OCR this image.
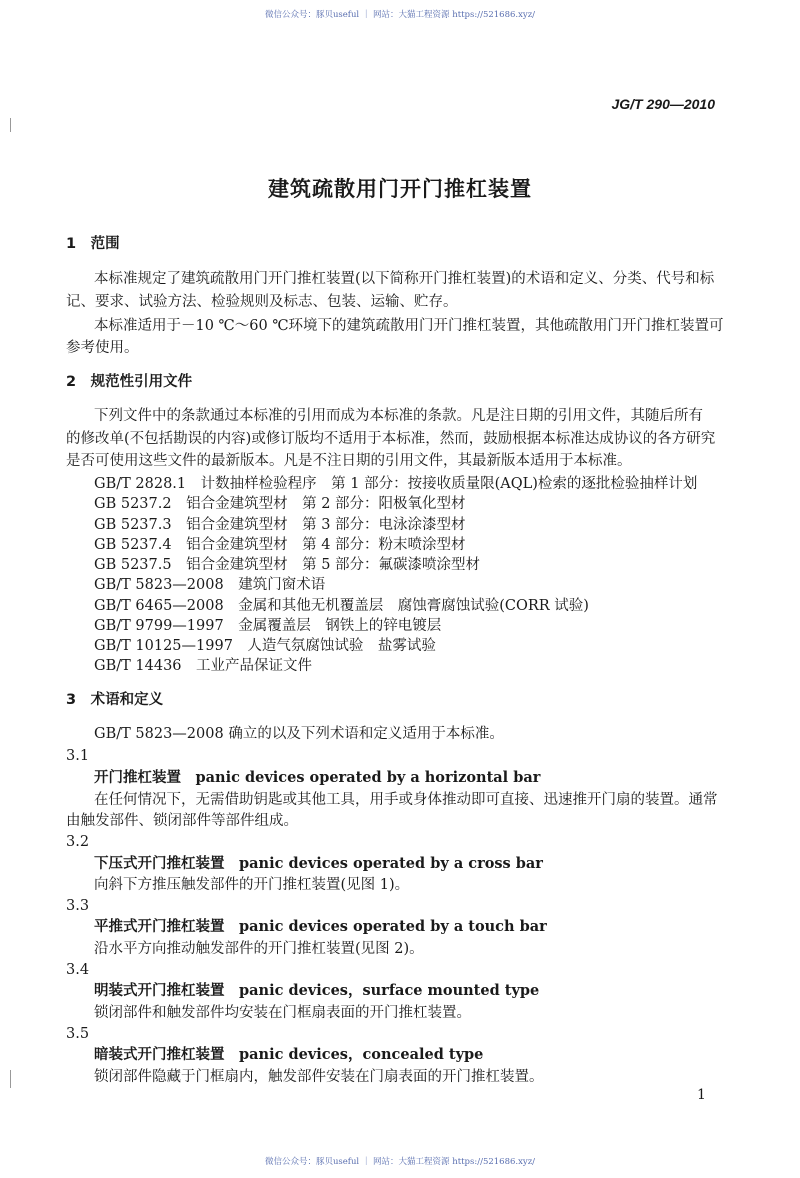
微信公众号：豚贝useful ｜ 网站：大猫工程资源 https://521686.xyz/
JG/T 290—2010
建筑疏散用门开门推杠装置
1　范围
本标准规定了建筑疏散用门开门推杠装置(以下简称开门推杠装置)的术语和定义、分类、代号和标
记、要求、试验方法、检验规则及标志、包装、运输、贮存。
本标准适用于－10 ℃～60 ℃环境下的建筑疏散用门开门推杠装置，其他疏散用门开门推杠装置可
参考使用。
2　规范性引用文件
下列文件中的条款通过本标准的引用而成为本标准的条款。凡是注日期的引用文件，其随后所有
的修改单(不包括勘误的内容)或修订版均不适用于本标准，然而，鼓励根据本标准达成协议的各方研究
是否可使用这些文件的最新版本。凡是不注日期的引用文件，其最新版本适用于本标准。
GB/T 2828.1　计数抽样检验程序　第 1 部分：按接收质量限(AQL)检索的逐批检验抽样计划
GB 5237.2　铝合金建筑型材　第 2 部分：阳极氧化型材
GB 5237.3　铝合金建筑型材　第 3 部分：电泳涂漆型材
GB 5237.4　铝合金建筑型材　第 4 部分：粉末喷涂型材
GB 5237.5　铝合金建筑型材　第 5 部分：氟碳漆喷涂型材
GB/T 5823—2008　建筑门窗术语
GB/T 6465—2008　金属和其他无机覆盖层　腐蚀膏腐蚀试验(CORR 试验)
GB/T 9799—1997　金属覆盖层　钢铁上的锌电镀层
GB/T 10125—1997　人造气氛腐蚀试验　盐雾试验
GB/T 14436　工业产品保证文件
3　术语和定义
GB/T 5823—2008 确立的以及下列术语和定义适用于本标准。
3.1
开门推杠装置　panic devices operated by a horizontal bar
在任何情况下，无需借助钥匙或其他工具，用手或身体推动即可直接、迅速推开门扇的装置。通常
由触发部件、锁闭部件等部件组成。
3.2
下压式开门推杠装置　panic devices operated by a cross bar
向斜下方推压触发部件的开门推杠装置(见图 1)。
3.3
平推式开门推杠装置　panic devices operated by a touch bar
沿水平方向推动触发部件的开门推杠装置(见图 2)。
3.4
明装式开门推杠装置　panic devices，surface mounted type
锁闭部件和触发部件均安装在门框扇表面的开门推杠装置。
3.5
暗装式开门推杠装置　panic devices，concealed type
锁闭部件隐藏于门框扇内，触发部件安装在门扇表面的开门推杠装置。
1
微信公众号：豚贝useful ｜ 网站：大猫工程资源 https://521686.xyz/
